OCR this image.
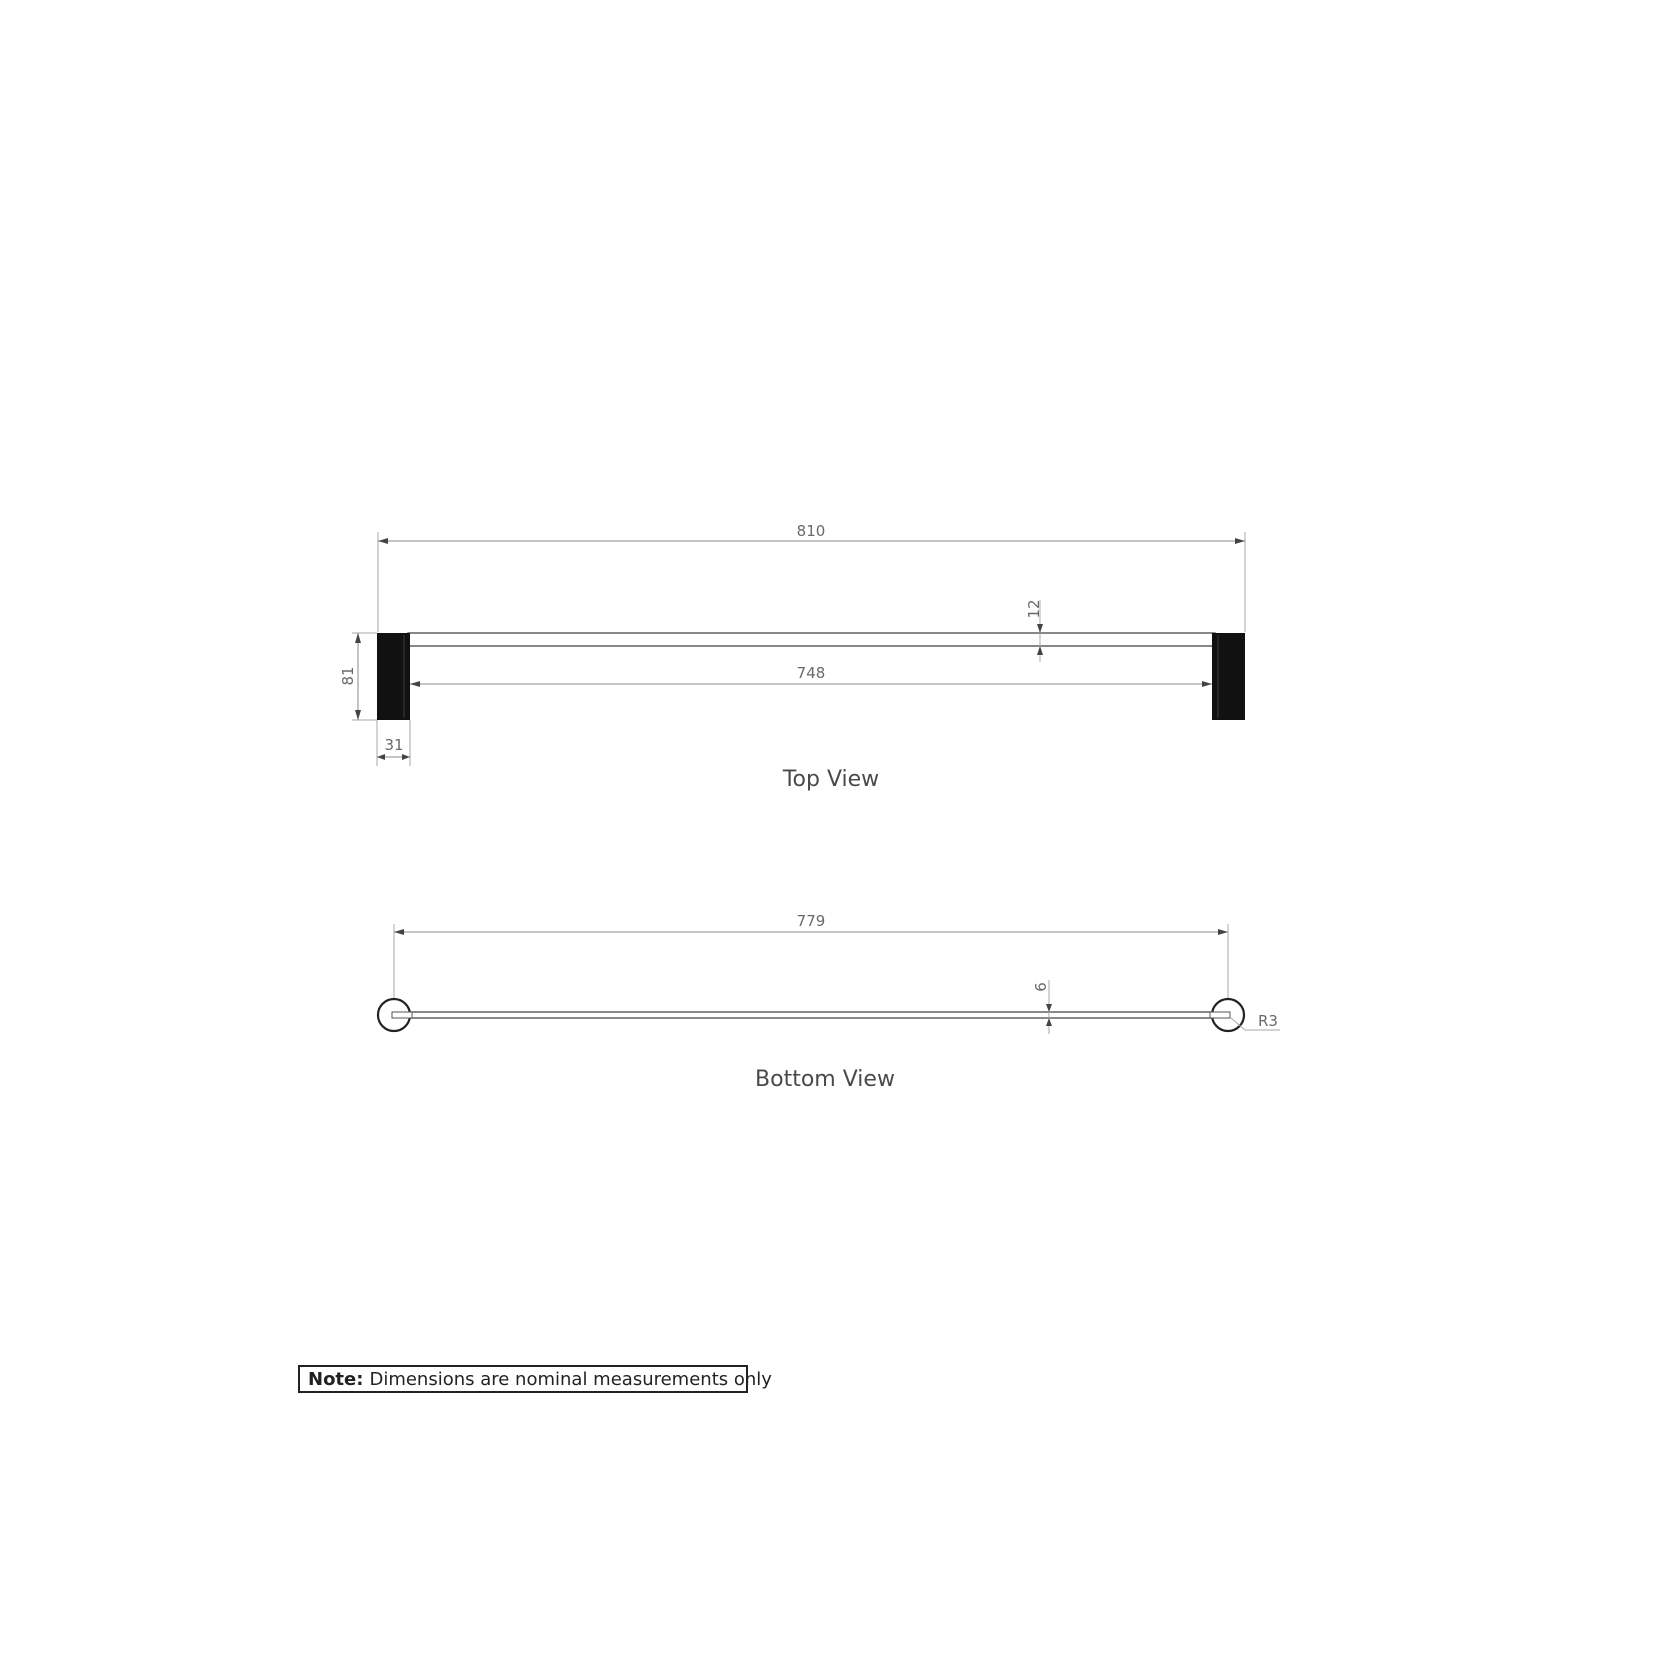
810
12
748
81
31
Top View
779
6
R3
Bottom View
Note: Dimensions are nominal measurements only
